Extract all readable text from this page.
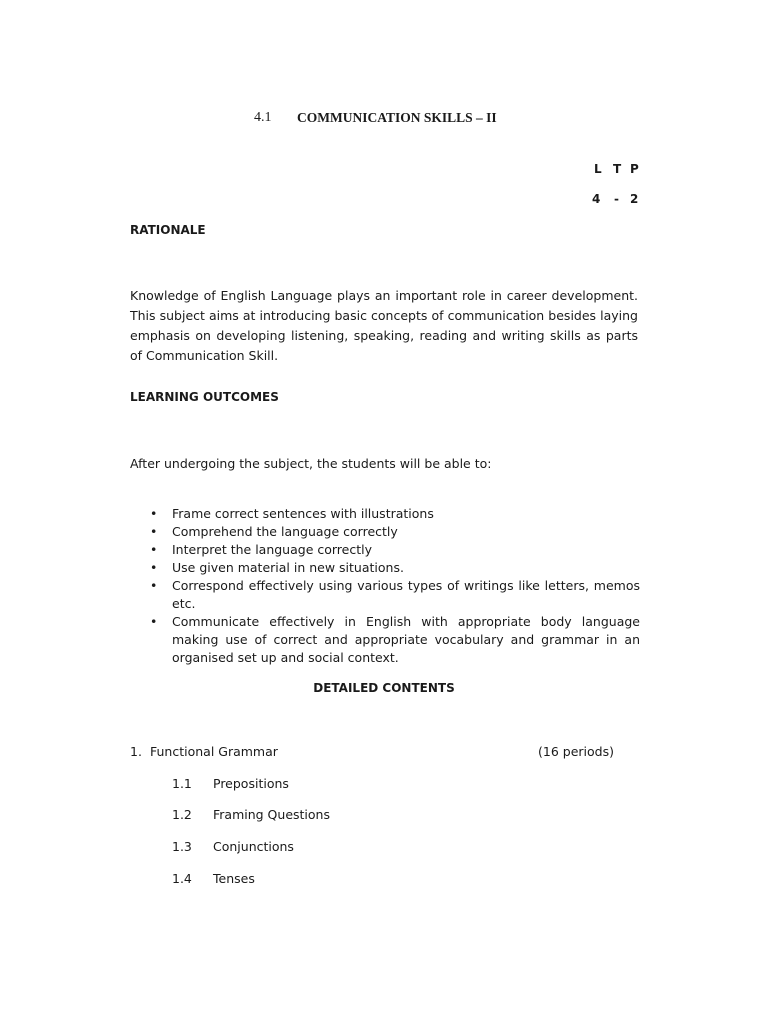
4.1 COMMUNICATION SKILLS – II
L T P
4 - 2
RATIONALE
Knowledge of English Language plays an important role in career development. This subject aims at introducing basic concepts of communication besides laying emphasis on developing listening, speaking, reading and writing skills as parts of Communication Skill.
LEARNING OUTCOMES
After undergoing the subject, the students will be able to:
• Frame correct sentences with illustrations
• Comprehend the language correctly
• Interpret the language correctly
• Use given material in new situations.
• Correspond effectively using various types of writings like letters, memos etc.
• Communicate effectively in English with appropriate body language making use of correct and appropriate vocabulary and grammar in an organised set up and social context.
DETAILED CONTENTS
1. Functional Grammar	(16 periods)
1.1 Prepositions
1.2 Framing Questions
1.3 Conjunctions
1.4 Tenses
